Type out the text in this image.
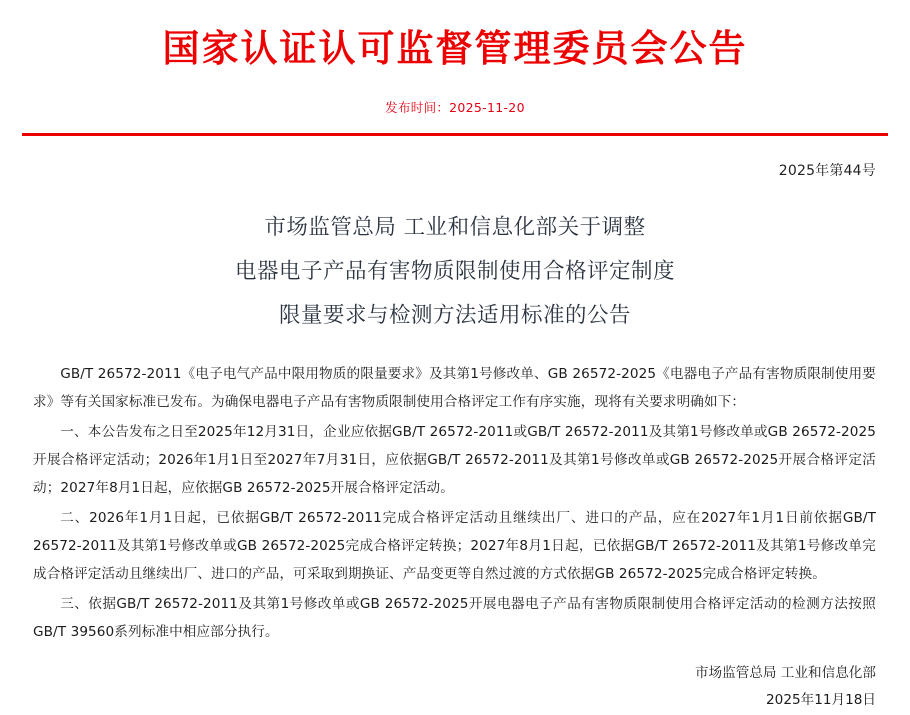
国家认证认可监督管理委员会公告
发布时间：2025-11-20
2025年第44号
市场监管总局 工业和信息化部关于调整
电器电子产品有害物质限制使用合格评定制度
限量要求与检测方法适用标准的公告

GB/T 26572-2011《电子电气产品中限用物质的限量要求》及其第1号修改单、GB 26572-2025《电器电子产品有害物质限制使用要求》等有关国家标准已发布。为确保电器电子产品有害物质限制使用合格评定工作有序实施，现将有关要求明确如下：

一、本公告发布之日至2025年12月31日，企业应依据GB/T 26572-2011或GB/T 26572-2011及其第1号修改单或GB 26572-2025开展合格评定活动；2026年1月1日至2027年7月31日，应依据GB/T 26572-2011及其第1号修改单或GB 26572-2025开展合格评定活动；2027年8月1日起，应依据GB 26572-2025开展合格评定活动。

二、2026年1月1日起，已依据GB/T 26572-2011完成合格评定活动且继续出厂、进口的产品，应在2027年1月1日前依据GB/T 26572-2011及其第1号修改单或GB 26572-2025完成合格评定转换；2027年8月1日起，已依据GB/T 26572-2011及其第1号修改单完成合格评定活动且继续出厂、进口的产品，可采取到期换证、产品变更等自然过渡的方式依据GB 26572-2025完成合格评定转换。

三、依据GB/T 26572-2011及其第1号修改单或GB 26572-2025开展电器电子产品有害物质限制使用合格评定活动的检测方法按照GB/T 39560系列标准中相应部分执行。

市场监管总局 工业和信息化部
2025年11月18日
